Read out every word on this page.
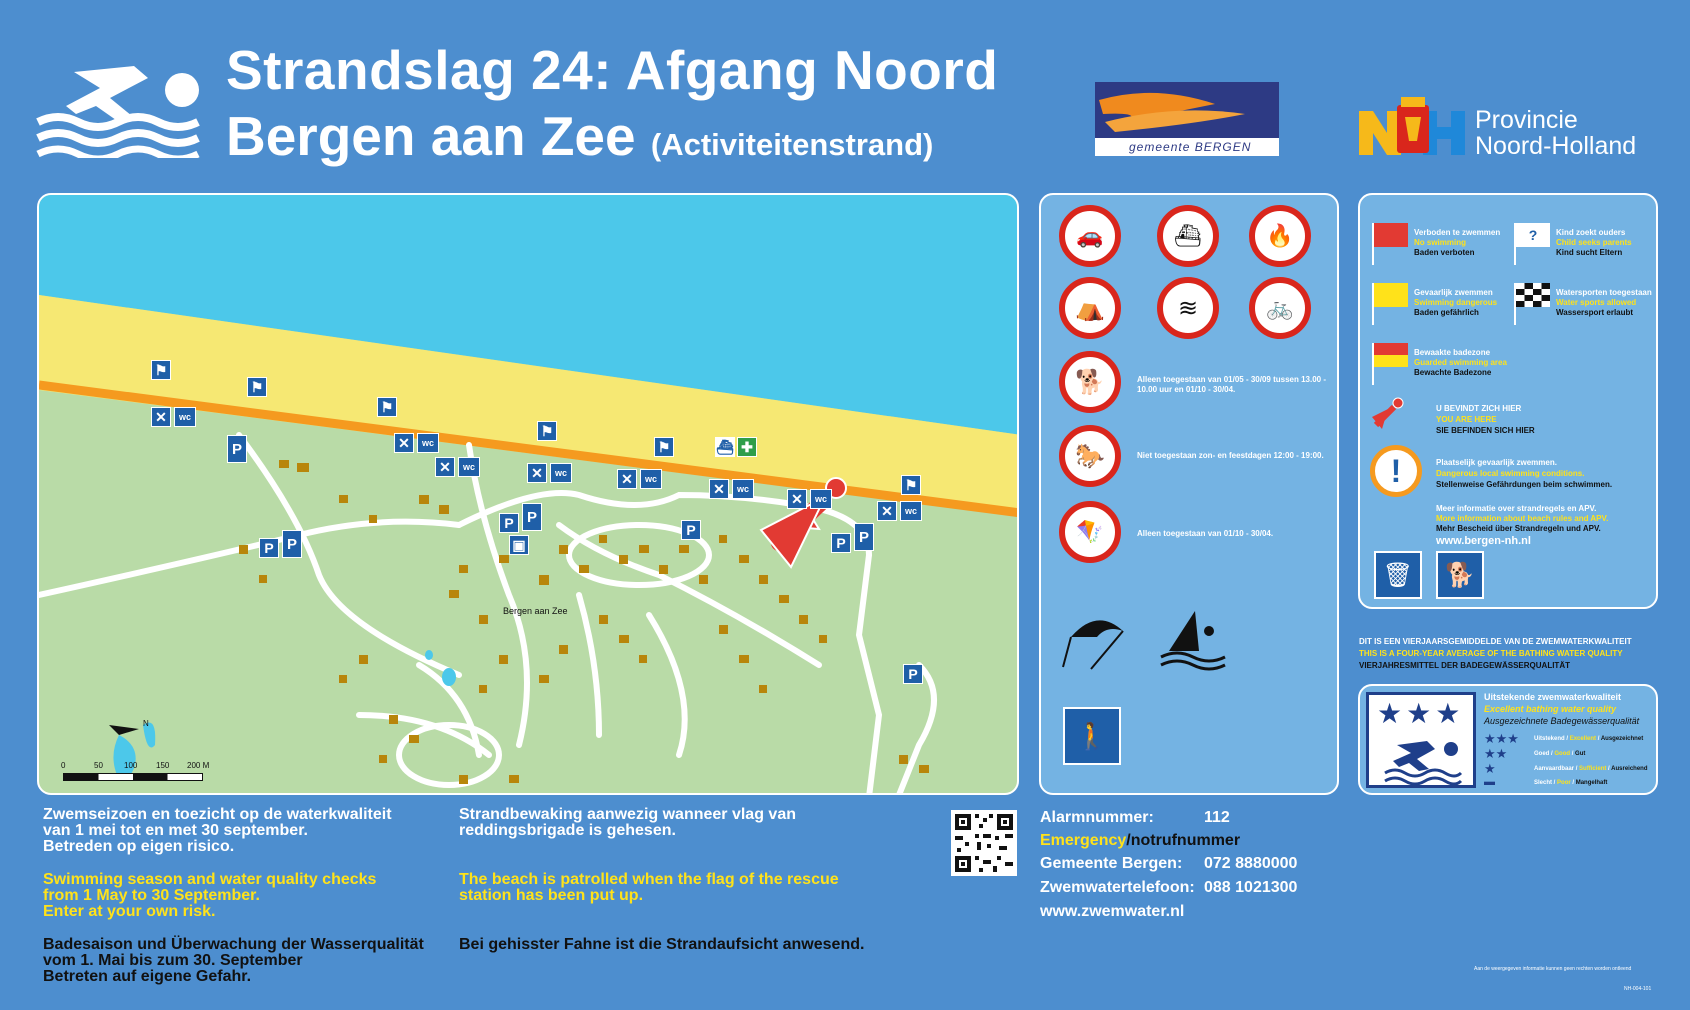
Strandslag 24: Afgang Noord
Bergen aan Zee (Activiteitenstrand)	gemeente BERGEN
Provincie
Noord-Holland
✕	wc
⚑
⚑
⚑
⚑
⚑
⚑
✕	wc
✕	wc	✕	wc	✕	wc
✕	wc
✕	wc
✕	wc
⛴ ✚
▣
P
P
P
P P
P
P P
P
Bergen aan Zee
N
0	50	100 150 200 M
🚗	⛴	🔥
⛺	≋	🚲
🐕	Alleen toegestaan van 01/05 - 30/09 tussen 13.00 - 10.00 uur en 01/10 - 30/04.
🐎	Niet toegestaan zon- en feestdagen 12:00 - 19:00.
🪁	Alleen toegestaan van 01/10 - 30/04.
🚶
Verboden te zwemmen
No swimming
Baden verboten
?	Kind zoekt ouders
Child seeks parents
Kind sucht Eltern
Gevaarlijk zwemmen
Swimming dangerous
Baden gefährlich
Watersporten toegestaan
Water sports allowed
Wassersport erlaubt
Bewaakte badezone
Guarded swimming area
Bewachte Badezone
U BEVINDT ZICH HIER
YOU ARE HERE
SIE BEFINDEN SICH HIER
!	Plaatselijk gevaarlijk zwemmen.
Dangerous local swimming conditions.
Stellenweise Gefährdungen beim schwimmen.
Meer informatie over strandregels en APV.
More information about beach rules and APV.
Mehr Bescheid über Strandregeln und APV.
www.bergen-nh.nl
🗑	🐕
DIT IS EEN VIERJAARSGEMIDDELDE VAN DE ZWEMWATERKWALITEIT
THIS IS A FOUR-YEAR AVERAGE OF THE BATHING WATER QUALITY
VIERJAHRESMITTEL DER BADEGEWÄSSERQUALITÄT
★★★
Uitstekende zwemwaterkwaliteit
Excellent bathing water quality
Ausgezeichnete Badegewässerqualität
★★★	Uitstekend / Excellent / Ausgezeichnet
★★	Goed / Good / Gut
★	Aanvaardbaar / Sufficient / Ausreichend
▬	Slecht / Poor / Mangelhaft
Zwemseizoen en toezicht op de waterkwaliteit
van 1 mei tot en met 30 september.
Betreden op eigen risico.
Swimming season and water quality checks
from 1 May to 30 September.
Enter at your own risk.
Badesaison und Überwachung der Wasserqualität
vom 1. Mai bis zum 30. September
Betreten auf eigene Gefahr.
Strandbewaking aanwezig wanneer vlag van
reddingsbrigade is gehesen.
The beach is patrolled when the flag of the rescue
station has been put up.
Bei gehisster Fahne ist die Strandaufsicht anwesend.
Alarmnummer:	112
Emergency/notrufnummer
Gemeente Bergen: 072 8880000
Zwemwatertelefoon: 088 1021300
www.zwemwater.nl
Aan de weergegeven informatie kunnen geen rechten worden ontleend
NH-004-101
